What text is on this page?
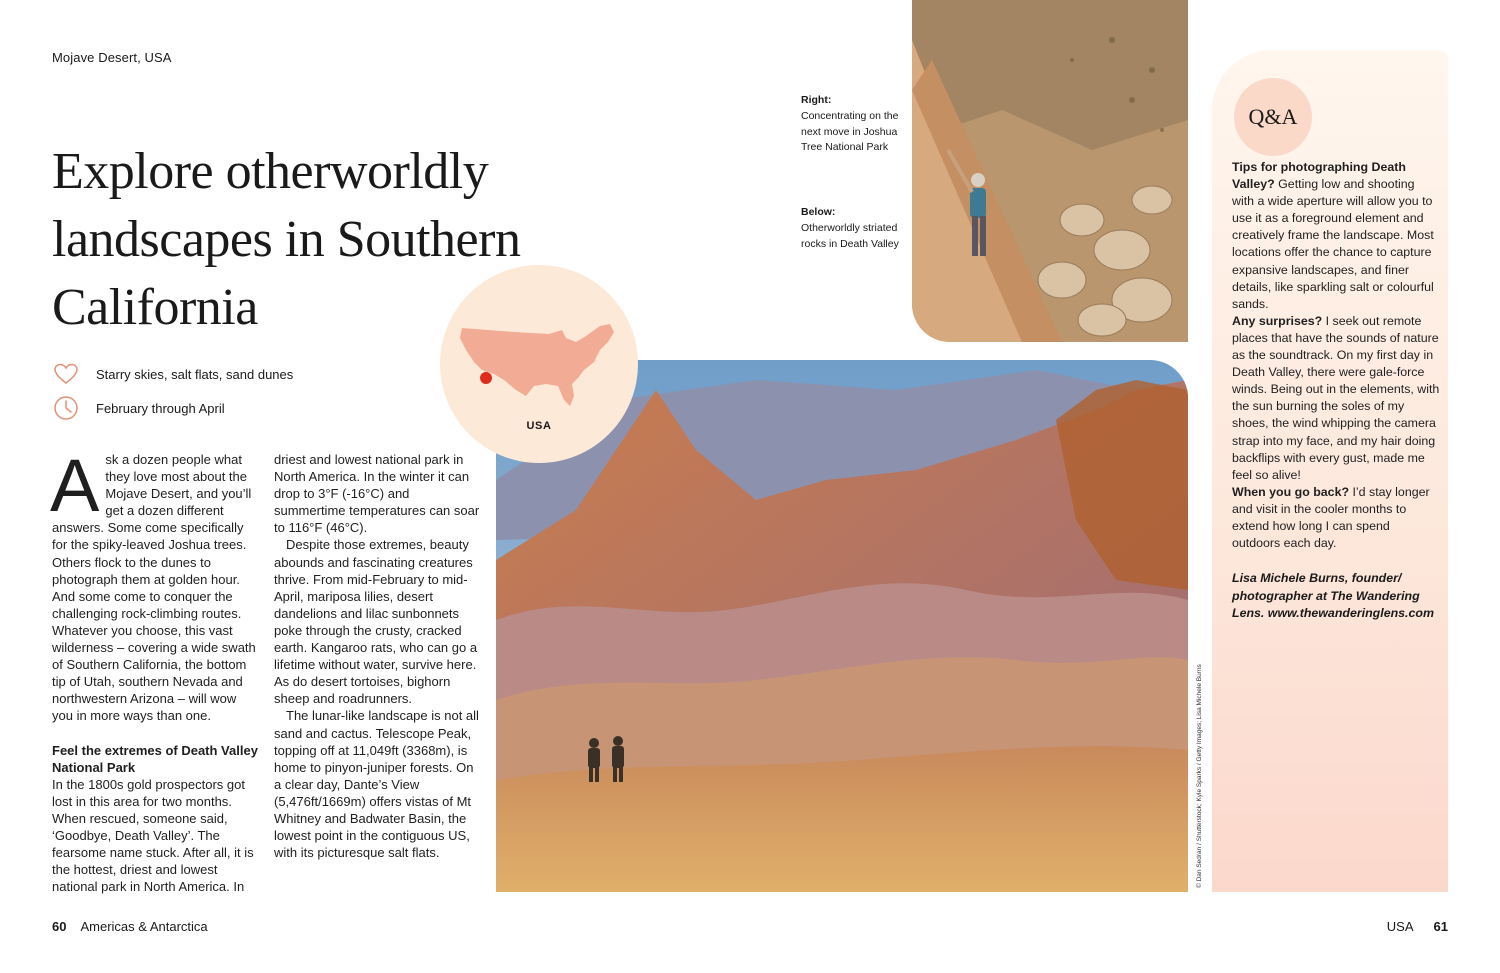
Mojave Desert, USA
Explore otherworldly landscapes in Southern California
Starry skies, salt flats, sand dunes
February through April

Ask a dozen people what they love most about the Mojave Desert, and you’ll get a dozen different answers. Some come specifically for the spiky-leaved Joshua trees. Others flock to the dunes to photograph them at golden hour. And some come to conquer the challenging rock-climbing routes. Whatever you choose, this vast wilderness – covering a wide swath of Southern California, the bottom tip of Utah, southern Nevada and northwestern Arizona – will wow you in more ways than one.

Feel the extremes of Death Valley National Park
In the 1800s gold prospectors got lost in this area for two months. When rescued, someone said, ‘Goodbye, Death Valley’. The fearsome name stuck. After all, it is the hottest, driest and lowest national park in North America. In
driest and lowest national park in North America. In the winter it can drop to 3°F (-16°C) and summertime temperatures can soar to 116°F (46°C).

Despite those extremes, beauty abounds and fascinating creatures thrive. From mid-February to mid-April, mariposa lilies, desert dandelions and lilac sunbonnets poke through the crusty, cracked earth. Kangaroo rats, who can go a lifetime without water, survive here. As do desert tortoises, bighorn sheep and roadrunners.

The lunar-like landscape is not all sand and cactus. Telescope Peak, topping off at 11,049ft (3368m), is home to pinyon-juniper forests. On a clear day, Dante’s View (5,476ft/1669m) offers vistas of Mt Whitney and Badwater Basin, the lowest point in the contiguous US, with its picturesque salt flats.

USA
Right:
Concentrating on the next move in Joshua Tree National Park
Below:
Otherworldly striated rocks in Death Valley
© Dan Sedran / Shutterstock; Kyle Sparks / Getty Images; Lisa Michele Burns
Q&A
Tips for photographing Death Valley? Getting low and shooting with a wide aperture will allow you to use it as a foreground element and creatively frame the landscape. Most locations offer the chance to capture expansive landscapes, and finer details, like sparkling salt or colourful sands.
Any surprises? I seek out remote places that have the sounds of nature as the soundtrack. On my first day in Death Valley, there were gale-force winds. Being out in the elements, with the sun burning the soles of my shoes, the wind whipping the camera strap into my face, and my hair doing backflips with every gust, made me feel so alive!
When you go back? I’d stay longer and visit in the cooler months to extend how long I can spend outdoors each day.
Lisa Michele Burns, founder/ photographer at The Wandering Lens. www.thewanderinglens.com
60 Americas & Antarctica	USA 61
